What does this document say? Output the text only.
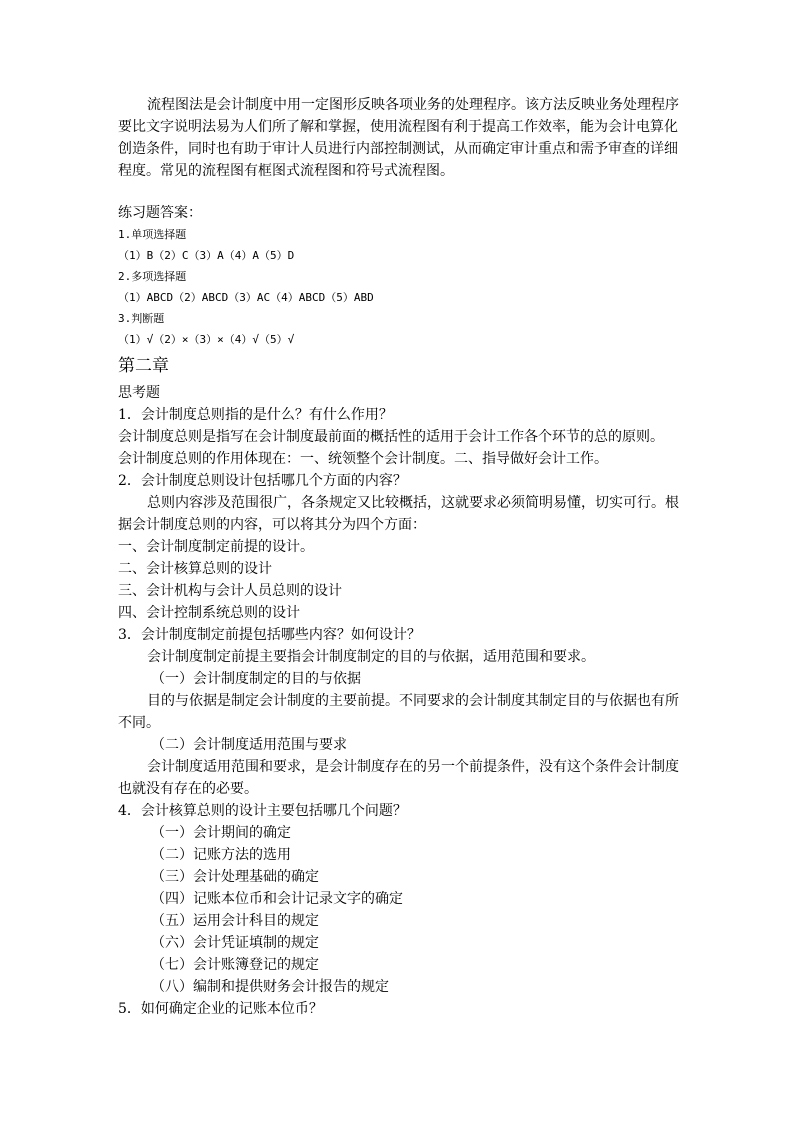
流程图法是会计制度中用一定图形反映各项业务的处理程序。该方法反映业务处理程序
要比文字说明法易为人们所了解和掌握，使用流程图有利于提高工作效率，能为会计电算化
创造条件，同时也有助于审计人员进行内部控制测试，从而确定审计重点和需予审查的详细
程度。常见的流程图有框图式流程图和符号式流程图。
练习题答案：
1.单项选择题
（1）B（2）C（3）A（4）A（5）D
2.多项选择题
（1）ABCD（2）ABCD（3）AC（4）ABCD（5）ABD
3.判断题
（1）√（2）×（3）×（4）√（5）√
第二章
思考题
1．会计制度总则指的是什么？有什么作用？
会计制度总则是指写在会计制度最前面的概括性的适用于会计工作各个环节的总的原则。
会计制度总则的作用体现在：一、统领整个会计制度。二、指导做好会计工作。
2．会计制度总则设计包括哪几个方面的内容？
总则内容涉及范围很广，各条规定又比较概括，这就要求必须简明易懂，切实可行。根
据会计制度总则的内容，可以将其分为四个方面：
一、会计制度制定前提的设计。
二、会计核算总则的设计
三、会计机构与会计人员总则的设计
四、会计控制系统总则的设计
3．会计制度制定前提包括哪些内容？如何设计？
会计制度制定前提主要指会计制度制定的目的与依据，适用范围和要求。
（一）会计制度制定的目的与依据
目的与依据是制定会计制度的主要前提。不同要求的会计制度其制定目的与依据也有所
不同。
（二）会计制度适用范围与要求
会计制度适用范围和要求，是会计制度存在的另一个前提条件，没有这个条件会计制度
也就没有存在的必要。
4．会计核算总则的设计主要包括哪几个问题？
（一）会计期间的确定
（二）记账方法的选用
（三）会计处理基础的确定
（四）记账本位币和会计记录文字的确定
（五）运用会计科目的规定
（六）会计凭证填制的规定
（七）会计账簿登记的规定
（八）编制和提供财务会计报告的规定
5．如何确定企业的记账本位币？
